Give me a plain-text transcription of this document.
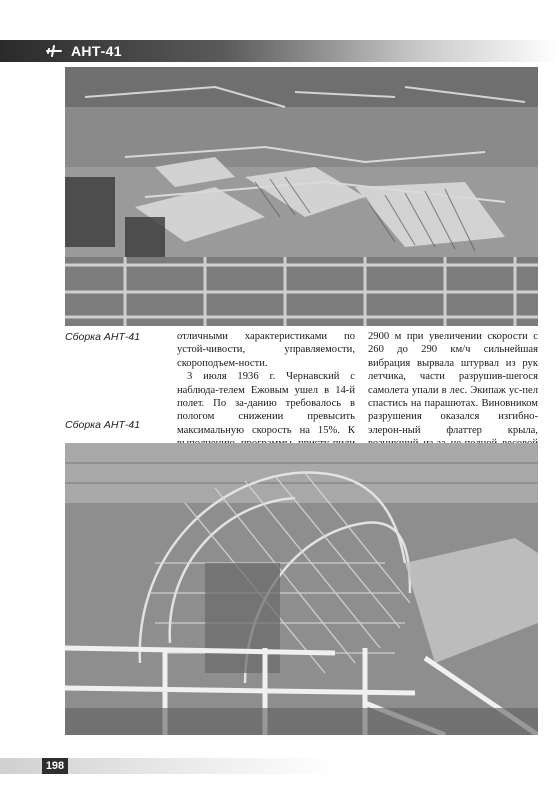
АНТ-41
Сборка АНТ-41
Сборка АНТ-41

отличными характеристиками по устой-чивости, управляемости, скороподъем-ности.

3 июля 1936 г. Чернавский с наблюда-телем Ежовым ушел в 14-й полет. По за-данию требовалось в пологом снижении превысить максимальную скорость на 15%. К

2900 м при увеличении скорости с 260 до 290 км/ч сильнейшая вибрация вырвала штурвал из рук летчика, части разрушив-шегося самолета упали в лес. Экипаж ус-пел спастись на парашютах. Виновником разрушения оказался изгибно-элерон-ный флаттер крыла,

198
